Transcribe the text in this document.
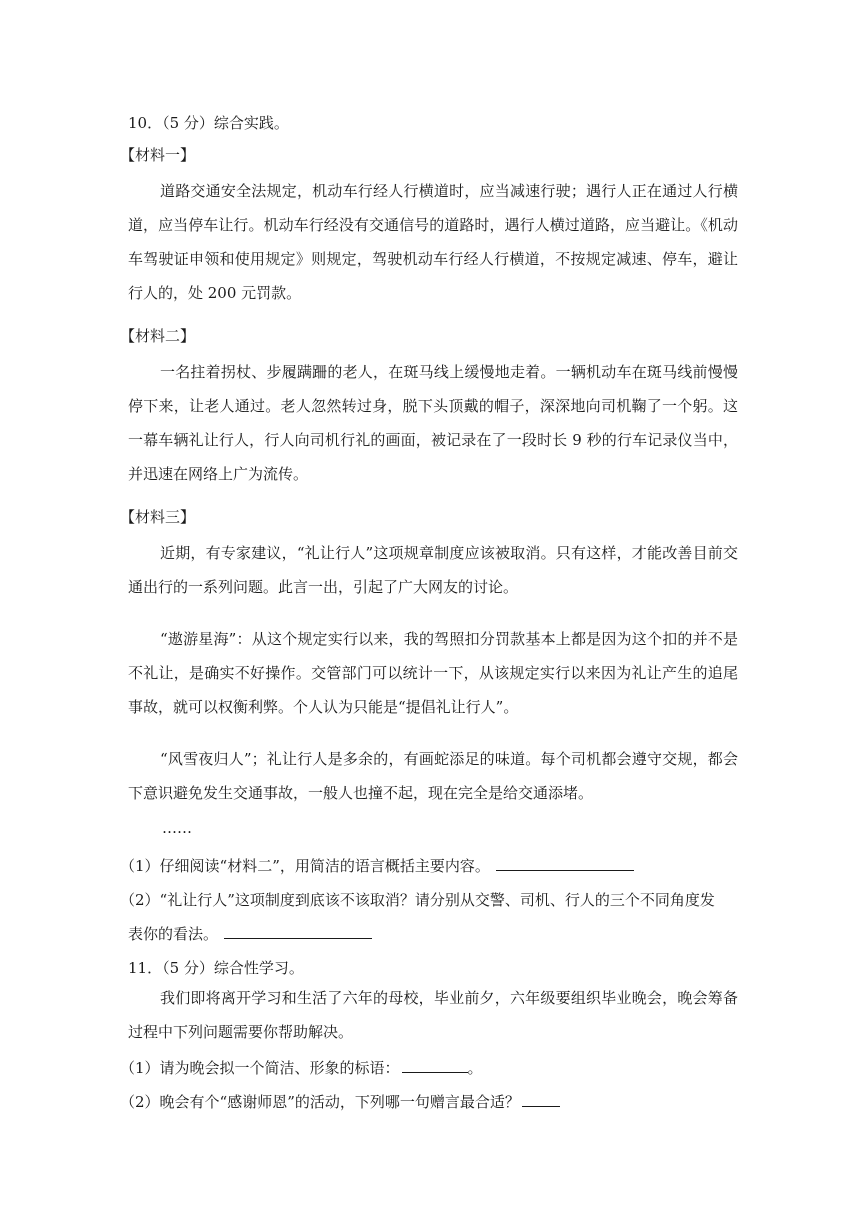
10．（5 分）综合实践。
【材料一】
道路交通安全法规定，机动车行经人行横道时，应当减速行驶；遇行人正在通过人行横道，应当停车让行。机动车行经没有交通信号的道路时，遇行人横过道路，应当避让。《机动车驾驶证申领和使用规定》则规定，驾驶机动车行经人行横道，不按规定减速、停车，避让行人的，处 200 元罚款。
【材料二】
一名拄着拐杖、步履蹒跚的老人，在斑马线上缓慢地走着。一辆机动车在斑马线前慢慢停下来，让老人通过。老人忽然转过身，脱下头顶戴的帽子，深深地向司机鞠了一个躬。这一幕车辆礼让行人，行人向司机行礼的画面，被记录在了一段时长 9 秒的行车记录仪当中，并迅速在网络上广为流传。
【材料三】
近期，有专家建议，“礼让行人”这项规章制度应该被取消。只有这样，才能改善目前交通出行的一系列问题。此言一出，引起了广大网友的讨论。
“遨游星海”：从这个规定实行以来，我的驾照扣分罚款基本上都是因为这个扣的并不是不礼让，是确实不好操作。交管部门可以统计一下，从该规定实行以来因为礼让产生的追尾事故，就可以权衡利弊。个人认为只能是“提倡礼让行人”。
“风雪夜归人”；礼让行人是多余的，有画蛇添足的味道。每个司机都会遵守交规，都会下意识避免发生交通事故，一般人也撞不起，现在完全是给交通添堵。
……
（1）仔细阅读“材料二”，用简洁的语言概括主要内容。
（2）“礼让行人”这项制度到底该不该取消？请分别从交警、司机、行人的三个不同角度发
表你的看法。
11．（5 分）综合性学习。
我们即将离开学习和生活了六年的母校，毕业前夕，六年级要组织毕业晚会，晚会筹备过程中下列问题需要你帮助解决。
（1）请为晚会拟一个简洁、形象的标语：	。
（2）晚会有个“感谢师恩”的活动，下列哪一句赠言最合适？
